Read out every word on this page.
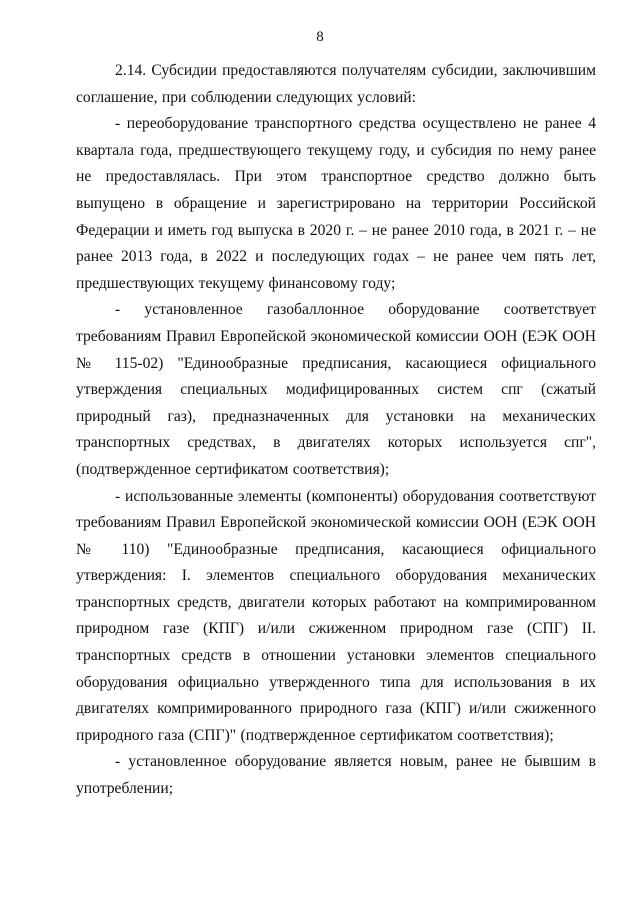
8

2.14. Субсидии предоставляются получателям субсидии, заключившим соглашение, при соблюдении следующих условий:

- переоборудование транспортного средства осуществлено не ранее 4 квартала года, предшествующего текущему году, и субсидия по нему ранее не предоставлялась. При этом транспортное средство должно быть выпущено в обращение и зарегистрировано на территории Российской Федерации и иметь год выпуска в 2020 г. – не ранее 2010 года, в 2021 г. – не ранее 2013 года, в 2022 и последующих годах – не ранее чем пять лет, предшествующих текущему финансовому году;

- установленное газобаллонное оборудование соответствует требованиям Правил Европейской экономической комиссии ООН (ЕЭК ООН № 115-02) "Единообразные предписания, касающиеся официального утверждения специальных модифицированных систем спг (сжатый природный газ), предназначенных для установки на механических транспортных средствах, в двигателях которых используется спг", (подтвержденное сертификатом соответствия);

- использованные элементы (компоненты) оборудования соответствуют требованиям Правил Европейской экономической комиссии ООН (ЕЭК ООН № 110) "Единообразные предписания, касающиеся официального утверждения: I. элементов специального оборудования механических транспортных средств, двигатели которых работают на компримированном природном газе (КПГ) и/или сжиженном природном газе (СПГ) II. транспортных средств в отношении установки элементов специального оборудования официально утвержденного типа для использования в их двигателях компримированного природного газа (КПГ) и/или сжиженного природного газа (СПГ)" (подтвержденное сертификатом соответствия);

- установленное оборудование является новым, ранее не бывшим в употреблении;
